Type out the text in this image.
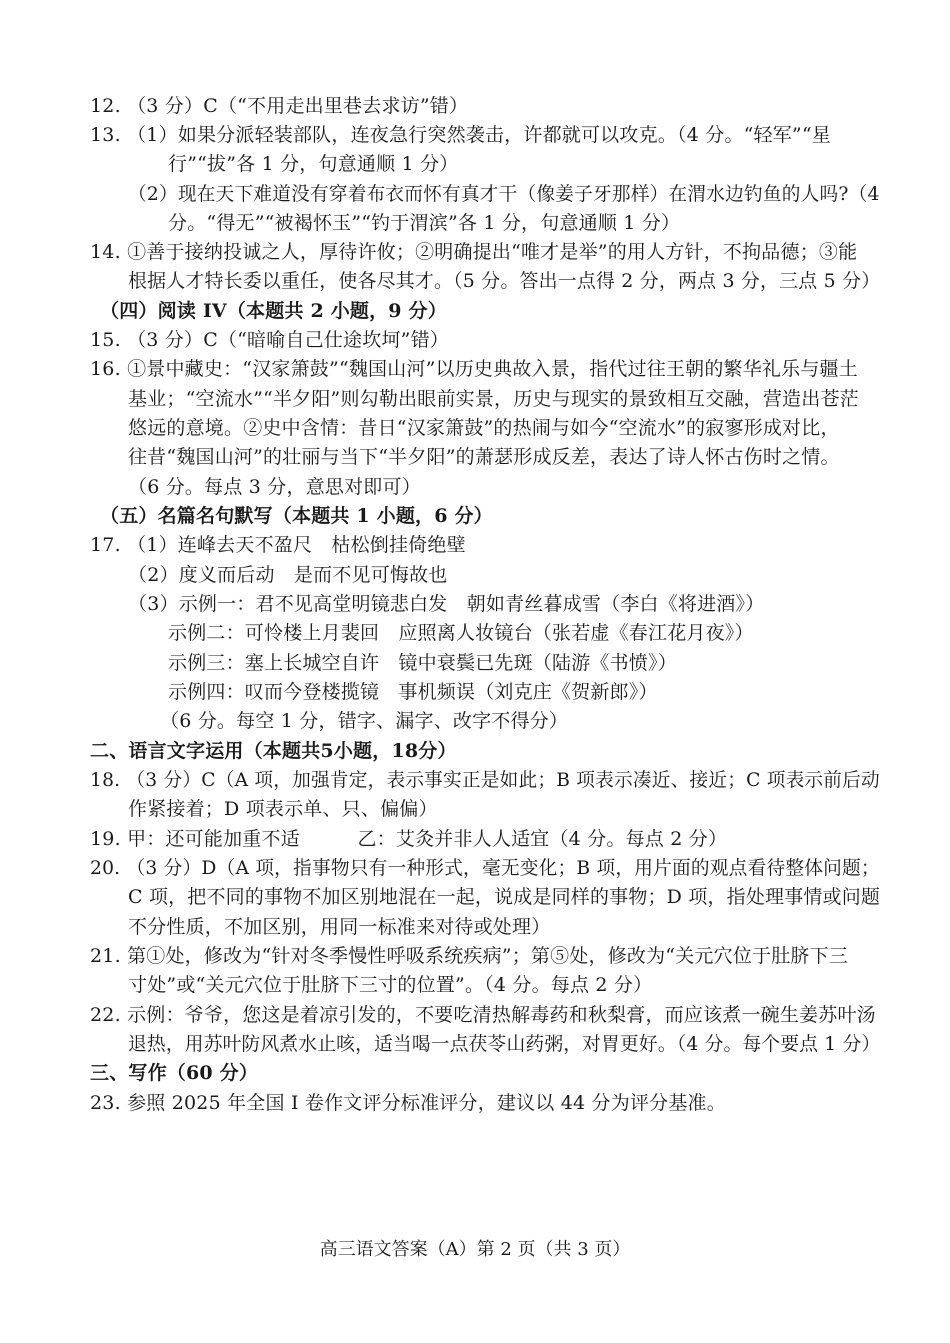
12. （3 分）C（“不用走出里巷去求访”错）
13. （1）如果分派轻装部队，连夜急行突然袭击，许都就可以攻克。（4 分。“轻军”“星
行”“拔”各 1 分，句意通顺 1 分）
（2）现在天下难道没有穿着布衣而怀有真才干（像姜子牙那样）在渭水边钓鱼的人吗?（4
分。“得无”“被褐怀玉”“钓于渭滨”各 1 分，句意通顺 1 分）
14. ①善于接纳投诚之人，厚待许攸；②明确提出“唯才是举”的用人方针，不拘品德；③能
根据人才特长委以重任，使各尽其才。（5 分。答出一点得 2 分，两点 3 分，三点 5 分）
（四）阅读 IV（本题共 2 小题，9 分）
15. （3 分）C（“暗喻自己仕途坎坷”错）
16. ①景中藏史：“汉家箫鼓”“魏国山河”以历史典故入景，指代过往王朝的繁华礼乐与疆土
基业；“空流水”“半夕阳”则勾勒出眼前实景，历史与现实的景致相互交融，营造出苍茫
悠远的意境。②史中含情：昔日“汉家箫鼓”的热闹与如今“空流水”的寂寥形成对比，
往昔“魏国山河”的壮丽与当下“半夕阳”的萧瑟形成反差，表达了诗人怀古伤时之情。
（6 分。每点 3 分，意思对即可）
（五）名篇名句默写（本题共 1 小题，6 分）
17. （1）连峰去天不盈尺　枯松倒挂倚绝壁
（2）度义而后动　是而不见可悔故也
（3）示例一：君不见高堂明镜悲白发　朝如青丝暮成雪（李白《将进酒》）
示例二：可怜楼上月裴回　应照离人妆镜台（张若虚《春江花月夜》）
示例三：塞上长城空自许　镜中衰鬓已先斑（陆游《书愤》）
示例四：叹而今登楼揽镜　事机频误（刘克庄《贺新郎》）
（6 分。每空 1 分，错字、漏字、改字不得分）
二、语言文字运用（本题共5小题，18分）
18. （3 分）C（A 项，加强肯定，表示事实正是如此；B 项表示凑近、接近；C 项表示前后动
作紧接着；D 项表示单、只、偏偏）
19. 甲：还可能加重不适　　　乙：艾灸并非人人适宜（4 分。每点 2 分）
20. （3 分）D（A 项，指事物只有一种形式，毫无变化；B 项，用片面的观点看待整体问题；
C 项，把不同的事物不加区别地混在一起，说成是同样的事物；D 项，指处理事情或问题
不分性质，不加区别，用同一标准来对待或处理）
21. 第①处，修改为“针对冬季慢性呼吸系统疾病”；第⑤处，修改为“关元穴位于肚脐下三
寸处”或“关元穴位于肚脐下三寸的位置”。（4 分。每点 2 分）
22. 示例：爷爷，您这是着凉引发的，不要吃清热解毒药和秋梨膏，而应该煮一碗生姜苏叶汤
退热，用苏叶防风煮水止咳，适当喝一点茯苓山药粥，对胃更好。（4 分。每个要点 1 分）
三、写作（60 分）
23. 参照 2025 年全国 I 卷作文评分标准评分，建议以 44 分为评分基准。
高三语文答案（A）第 2 页（共 3 页）
